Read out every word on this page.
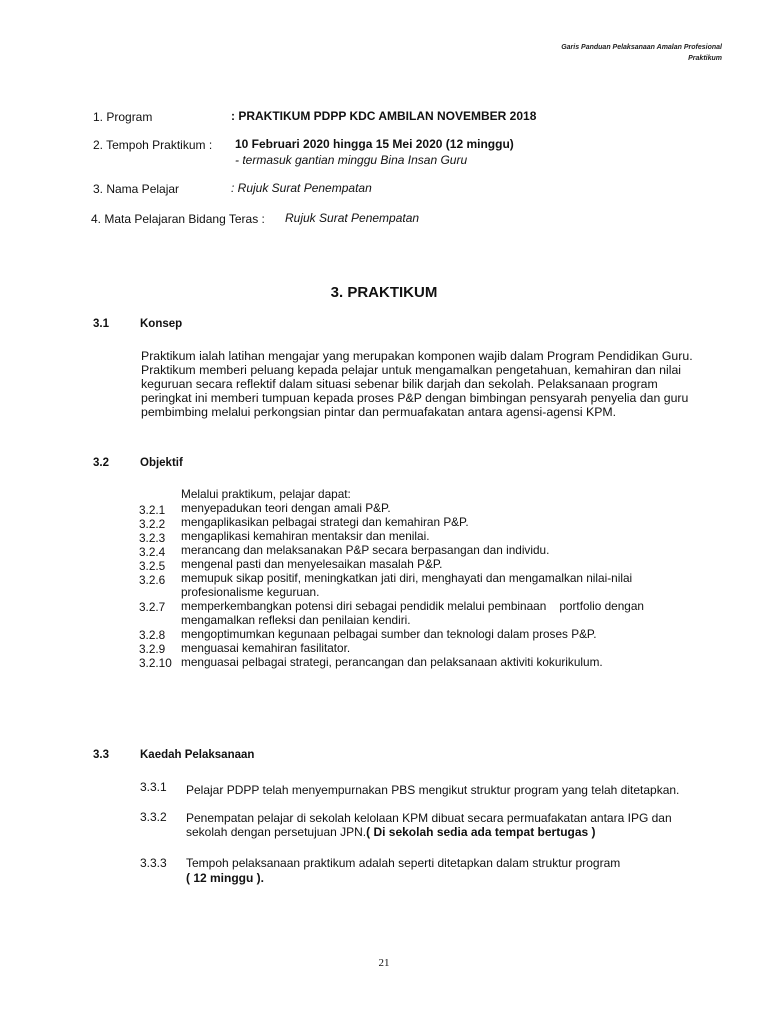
Garis Panduan Pelaksanaan Amalan Profesional
Praktikum
1. Program	: PRAKTIKUM PDPP KDC AMBILAN NOVEMBER 2018
2. Tempoh Praktikum : 10 Februari 2020 hingga 15 Mei 2020 (12 minggu)
- termasuk gantian minggu Bina Insan Guru
3. Nama Pelajar	: Rujuk Surat Penempatan
4. Mata Pelajaran Bidang Teras : Rujuk Surat Penempatan
3. PRAKTIKUM
3.1	Konsep
Praktikum ialah latihan mengajar yang merupakan komponen wajib dalam Program Pendidikan Guru.
Praktikum memberi peluang kepada pelajar untuk mengamalkan pengetahuan, kemahiran dan nilai
keguruan secara reflektif dalam situasi sebenar bilik darjah dan sekolah. Pelaksanaan program
peringkat ini memberi tumpuan kepada proses P&P dengan bimbingan pensyarah penyelia dan guru
pembimbing melalui perkongsian pintar dan permuafakatan antara agensi-agensi KPM.
3.2	Objektif
Melalui praktikum, pelajar dapat:
3.2.1 menyepadukan teori dengan amali P&P.
3.2.2 mengaplikasikan pelbagai strategi dan kemahiran P&P.
3.2.3 mengaplikasi kemahiran mentaksir dan menilai.
3.2.4 merancang dan melaksanakan P&P secara berpasangan dan individu.
3.2.5 mengenal pasti dan menyelesaikan masalah P&P.
3.2.6 memupuk sikap positif, meningkatkan jati diri, menghayati dan mengamalkan nilai-nilai
profesionalisme keguruan.
3.2.7 memperkembangkan potensi diri sebagai pendidik melalui pembinaan    portfolio dengan
mengamalkan refleksi dan penilaian kendiri.
3.2.8 mengoptimumkan kegunaan pelbagai sumber dan teknologi dalam proses P&P.
3.2.9 menguasai kemahiran fasilitator.
3.2.10 menguasai pelbagai strategi, perancangan dan pelaksanaan aktiviti kokurikulum.
3.3	Kaedah Pelaksanaan
3.3.1 Pelajar PDPP telah menyempurnakan PBS mengikut struktur program yang telah ditetapkan.
3.3.2 Penempatan pelajar di sekolah kelolaan KPM dibuat secara permuafakatan antara IPG dan
sekolah dengan persetujuan JPN.( Di sekolah sedia ada tempat bertugas )
3.3.3 Tempoh pelaksanaan praktikum adalah seperti ditetapkan dalam struktur program
( 12 minggu ).
21
